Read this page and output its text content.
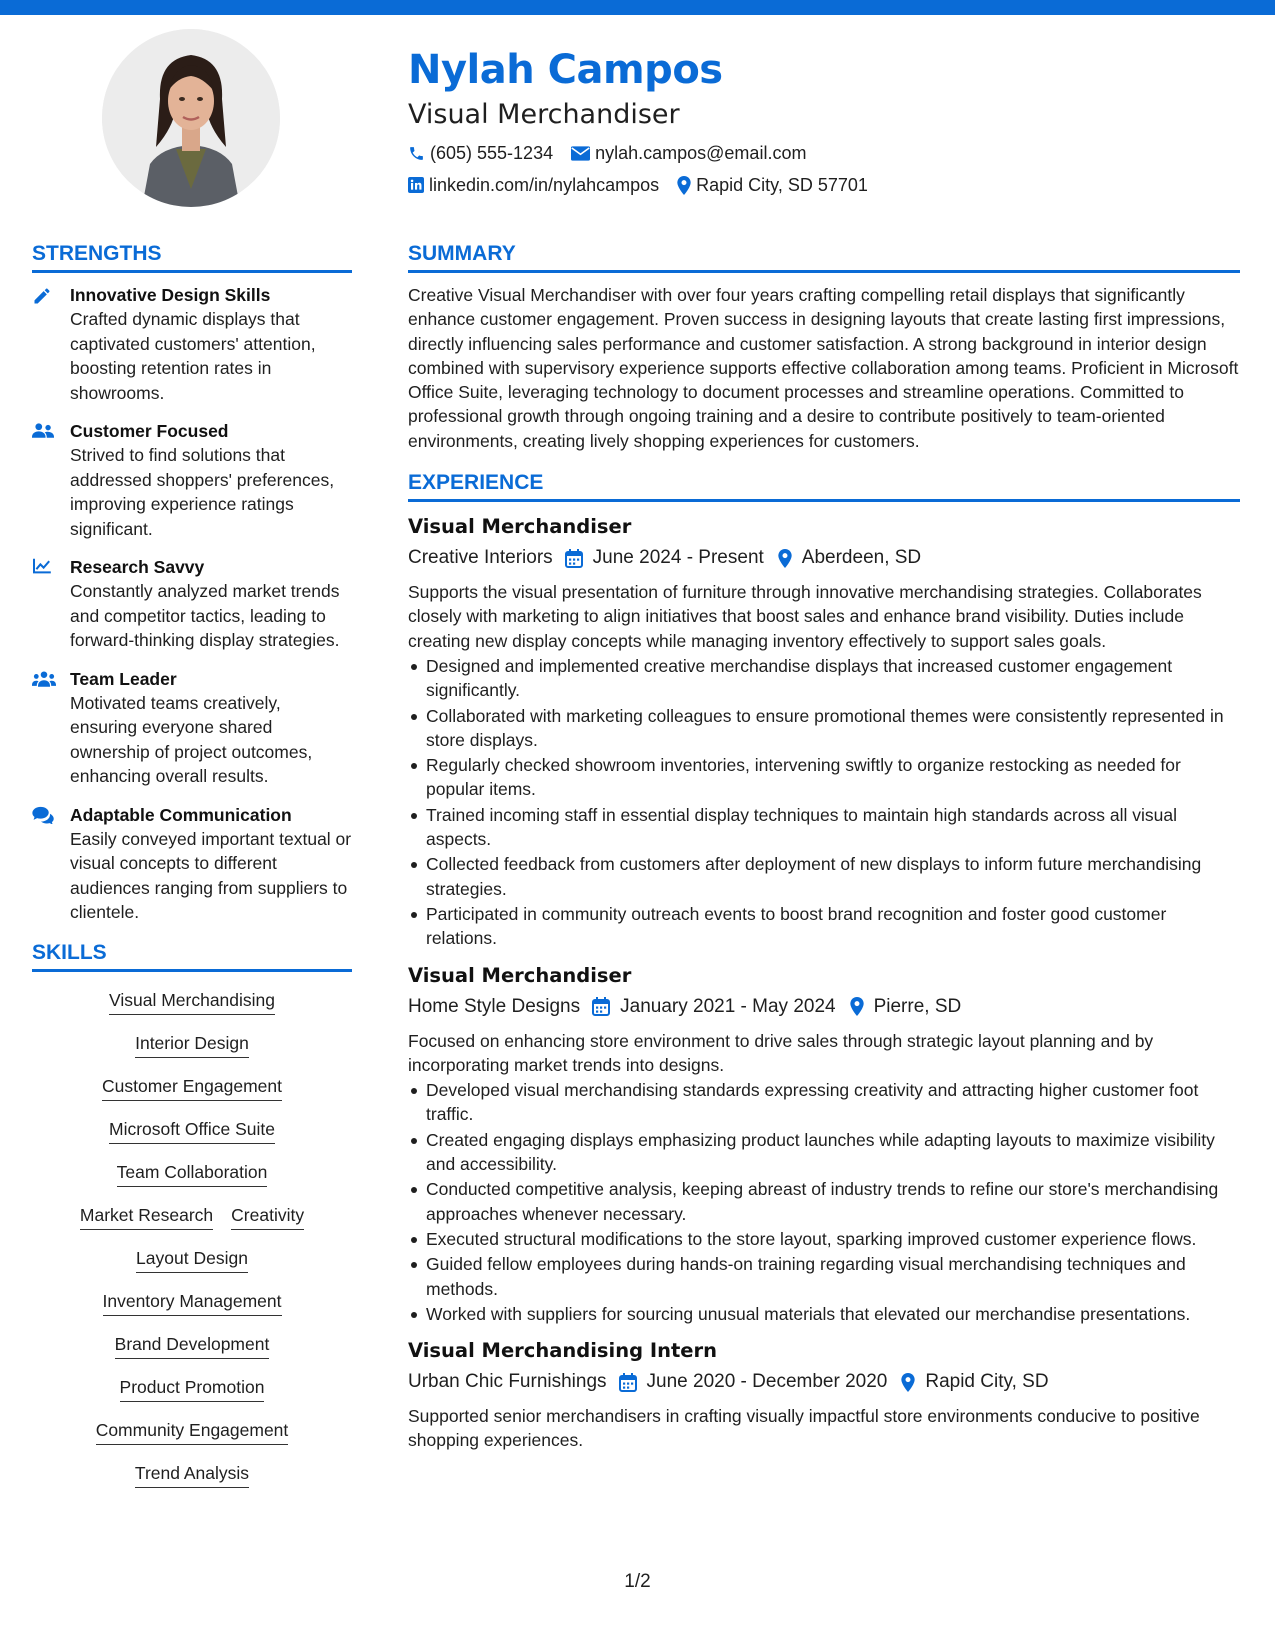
Nylah Campos
Visual Merchandiser
(605) 555-1234 nylah.campos@email.com
linkedin.com/in/nylahcampos Rapid City, SD 57701
STRENGTHS
Innovative Design Skills
Crafted dynamic displays that captivated customers' attention, boosting retention rates in showrooms.
Customer Focused
Strived to find solutions that addressed shoppers' preferences, improving experience ratings significant.
Research Savvy
Constantly analyzed market trends and competitor tactics, leading to forward-thinking display strategies.
Team Leader
Motivated teams creatively, ensuring everyone shared ownership of project outcomes, enhancing overall results.
Adaptable Communication
Easily conveyed important textual or visual concepts to different audiences ranging from suppliers to clientele.
SKILLS
Visual Merchandising
Interior Design
Customer Engagement
Microsoft Office Suite
Team Collaboration
Market Research Creativity
Layout Design
Inventory Management
Brand Development
Product Promotion
Community Engagement
Trend Analysis
SUMMARY
Creative Visual Merchandiser with over four years crafting compelling retail displays that significantly enhance customer engagement. Proven success in designing layouts that create lasting first impressions, directly influencing sales performance and customer satisfaction. A strong background in interior design combined with supervisory experience supports effective collaboration among teams. Proficient in Microsoft Office Suite, leveraging technology to document processes and streamline operations. Committed to professional growth through ongoing training and a desire to contribute positively to team-oriented environments, creating lively shopping experiences for customers.
EXPERIENCE
Visual Merchandiser
Creative Interiors June 2024 - Present Aberdeen, SD
Supports the visual presentation of furniture through innovative merchandising strategies. Collaborates closely with marketing to align initiatives that boost sales and enhance brand visibility. Duties include creating new display concepts while managing inventory effectively to support sales goals.
Designed and implemented creative merchandise displays that increased customer engagement significantly.
Collaborated with marketing colleagues to ensure promotional themes were consistently represented in store displays.
Regularly checked showroom inventories, intervening swiftly to organize restocking as needed for popular items.
Trained incoming staff in essential display techniques to maintain high standards across all visual aspects.
Collected feedback from customers after deployment of new displays to inform future merchandising strategies.
Participated in community outreach events to boost brand recognition and foster good customer relations.
Visual Merchandiser
Home Style Designs January 2021 - May 2024 Pierre, SD
Focused on enhancing store environment to drive sales through strategic layout planning and by incorporating market trends into designs.
Developed visual merchandising standards expressing creativity and attracting higher customer foot traffic.
Created engaging displays emphasizing product launches while adapting layouts to maximize visibility and accessibility.
Conducted competitive analysis, keeping abreast of industry trends to refine our store's merchandising approaches whenever necessary.
Executed structural modifications to the store layout, sparking improved customer experience flows.
Guided fellow employees during hands-on training regarding visual merchandising techniques and methods.
Worked with suppliers for sourcing unusual materials that elevated our merchandise presentations.
Visual Merchandising Intern
Urban Chic Furnishings June 2020 - December 2020 Rapid City, SD
Supported senior merchandisers in crafting visually impactful store environments conducive to positive shopping experiences.
1/2
